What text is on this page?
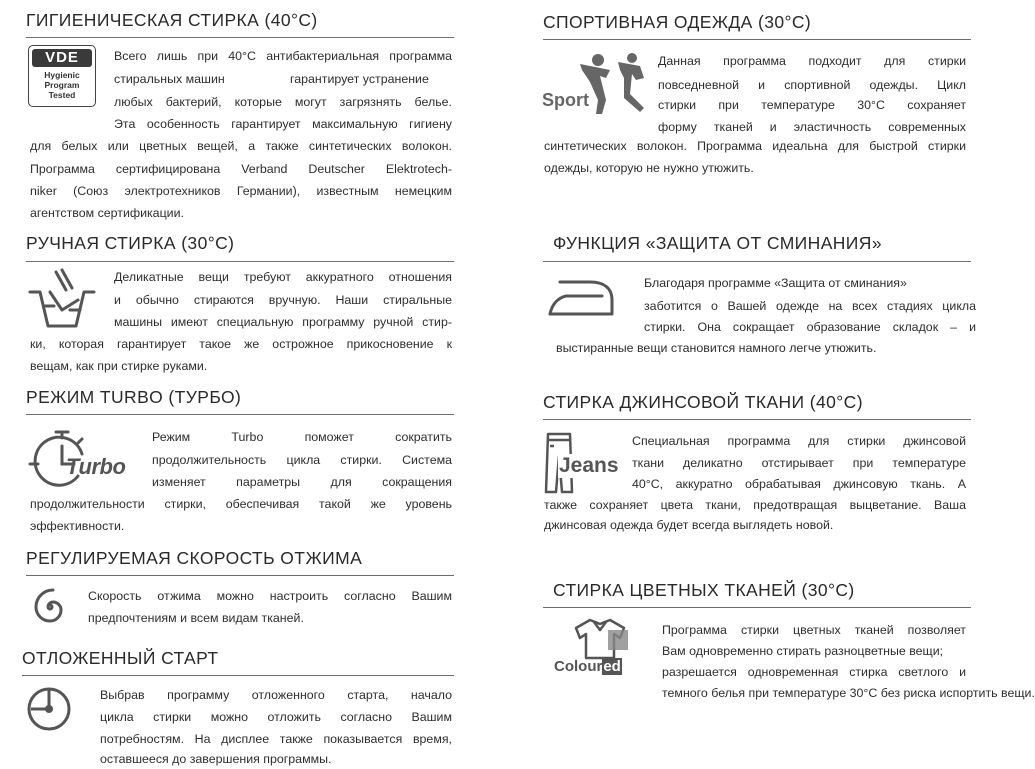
ГИГИЕНИЧЕСКАЯ СТИРКА (40°C)
VDE
Hygienic
Program
Tested
Всего лишь при 40°C антибактериальная программа
стиральных машин	гарантирует устранение
любых бактерий, которые могут загрязнять белье.
Эта особенность гарантирует максимальную гигиену
для белых или цветных вещей, а также синтетических волокон.
Программа сертифицирована Verband Deutscher Elektrotech-
niker (Союз электротехников Германии), известным немецким
агентством сертификации.
РУЧНАЯ СТИРКА (30°C)
Деликатные вещи требуют аккуратного отношения
и обычно стираются вручную. Наши стиральные
машины имеют специальную программу ручной стир-
ки, которая гарантирует такое же острожное прикосновение к
вещам, как при стирке руками.
РЕЖИМ TURBO (ТУРБО)
Turbo
Режим Turbo поможет сократить
продолжительность цикла стирки. Система
изменяет параметры для сокращения
продолжительности стирки, обеспечивая такой же уровень
эффективности.
РЕГУЛИРУЕМАЯ СКОРОСТЬ ОТЖИМА
Скорость отжима можно настроить согласно Вашим
предпочтениям и всем видам тканей.
ОТЛОЖЕННЫЙ СТАРТ
Выбрав программу отложенного старта, начало
цикла стирки можно отложить согласно Вашим
потребностям. На дисплее также показывается время,
оставшееся до завершения программы.
СПОРТИВНАЯ ОДЕЖДА (30°C)
Sport
Данная программа подходит для стирки
повседневной и спортивной одежды. Цикл
стирки при температуре 30°C сохраняет
форму тканей и эластичность современных
синтетических волокон. Программа идеальна для быстрой стирки
одежды, которую не нужно утюжить.
ФУНКЦИЯ «ЗАЩИТА ОТ СМИНАНИЯ»
Благодаря программе «Защита от сминания»
заботится о Вашей одежде на всех стадиях цикла
стирки. Она сокращает образование складок – и
выстиранные вещи становится намного легче утюжить.
СТИРКА ДЖИНСОВОЙ ТКАНИ (40°C)
Jeans
Специальная программа для стирки джинсовой
ткани деликатно отстирывает при температуре
40°C, аккуратно обрабатывая джинсовую ткань. А
также сохраняет цвета ткани, предотвращая выцветание. Ваша
джинсовая одежда будет всегда выглядеть новой.
СТИРКА ЦВЕТНЫХ ТКАНЕЙ (30°C)
Coloured
Программа стирки цветных тканей позволяет
Вам одновременно стирать разноцветные вещи;
разрешается одновременная стирка светлого и
темного белья при температуре 30°C без риска испортить вещи.
